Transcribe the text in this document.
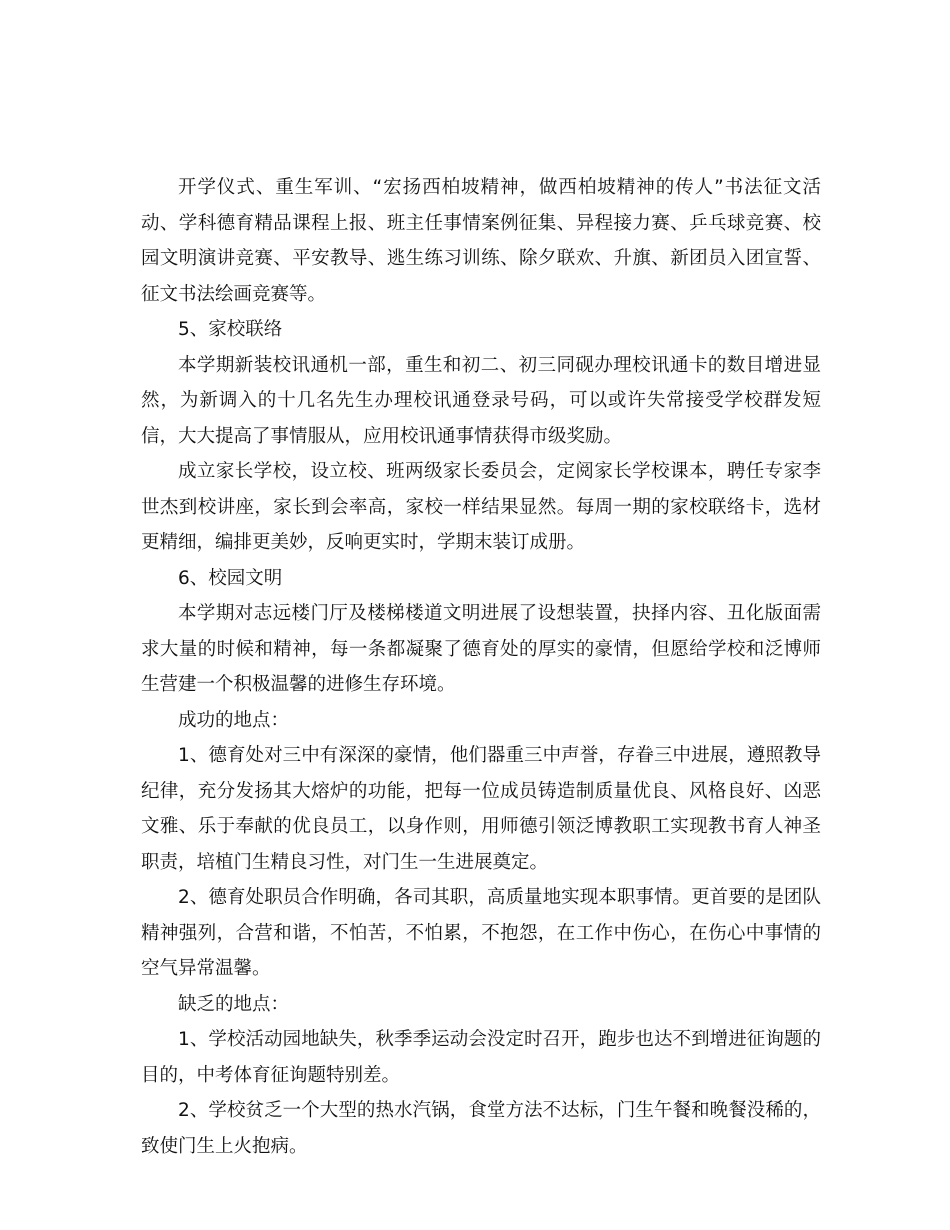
开学仪式、重生军训、“宏扬西柏坡精神，做西柏坡精神的传人”书法征文活动、学科德育精品课程上报、班主任事情案例征集、异程接力赛、乒乓球竞赛、校园文明演讲竞赛、平安教导、逃生练习训练、除夕联欢、升旗、新团员入团宣誓、征文书法绘画竞赛等。

5、家校联络

本学期新装校讯通机一部，重生和初二、初三同砚办理校讯通卡的数目增进显然，为新调入的十几名先生办理校讯通登录号码，可以或许失常接受学校群发短信，大大提高了事情服从，应用校讯通事情获得市级奖励。

成立家长学校，设立校、班两级家长委员会，定阅家长学校课本，聘任专家李世杰到校讲座，家长到会率高，家校一样结果显然。每周一期的家校联络卡，选材更精细，编排更美妙，反响更实时，学期末装订成册。

6、校园文明

本学期对志远楼门厅及楼梯楼道文明进展了设想装置，抉择内容、丑化版面需求大量的时候和精神，每一条都凝聚了德育处的厚实的豪情，但愿给学校和泛博师生营建一个积极温馨的进修生存环境。

成功的地点：

1、德育处对三中有深深的豪情，他们器重三中声誉，存眷三中进展，遵照教导纪律，充分发扬其大熔炉的功能，把每一位成员铸造制质量优良、风格良好、凶恶文雅、乐于奉献的优良员工，以身作则，用师德引领泛博教职工实现教书育人神圣职责，培植门生精良习性，对门生一生进展奠定。

2、德育处职员合作明确，各司其职，高质量地实现本职事情。更首要的是团队精神强列，合营和谐，不怕苦，不怕累，不抱怨，在工作中伤心，在伤心中事情的空气异常温馨。

缺乏的地点：

1、学校活动园地缺失，秋季季运动会没定时召开，跑步也达不到增进征询题的目的，中考体育征询题特别差。

2、学校贫乏一个大型的热水汽锅，食堂方法不达标，门生午餐和晚餐没稀的，致使门生上火抱病。
